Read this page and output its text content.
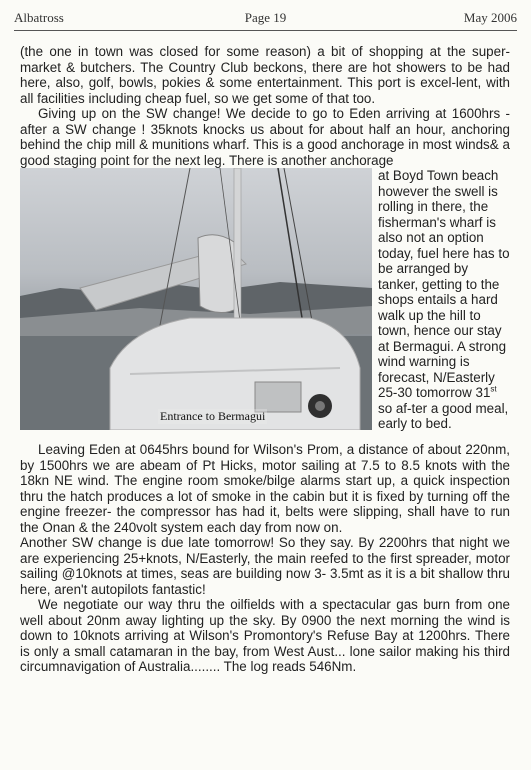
Albatross	Page 19	May 2006

(the one in town was closed for some reason) a bit of shopping at the super-market & butchers. The Country Club beckons, there are hot showers to be had here, also, golf, bowls, pokies & some entertainment. This port is excel-lent, with all facilities including cheap fuel, so we get some of that too.

Giving up on the SW change! We decide to go to Eden arriving at 1600hrs - after a SW change ! 35knots knocks us about for about half an hour, anchoring behind the chip mill & munitions wharf. This is a good anchorage in most winds& a good staging point for the next leg. There is another anchorage

Entrance to Bermagui

at Boyd Town beach however the swell is rolling in there, the fisherman's wharf is also not an option today, fuel here has to be arranged by tanker, getting to the shops entails a hard walk up the hill to town, hence our stay at Bermagui. A strong wind warning is forecast, N/Easterly 25-30 tomorrow 31st so af-ter a good meal, early to bed.

Leaving Eden at 0645hrs bound for Wilson's Prom, a distance of about 220nm, by 1500hrs we are abeam of Pt Hicks, motor sailing at 7.5 to 8.5 knots with the 18kn NE wind. The engine room smoke/bilge alarms start up, a quick inspection thru the hatch produces a lot of smoke in the cabin but it is fixed by turning off the engine freezer- the compressor has had it, belts were slipping, shall have to run the Onan & the 240volt system each day from now on.

Another SW change is due late tomorrow! So they say. By 2200hrs that night we are experiencing 25+knots, N/Easterly, the main reefed to the first spreader, motor sailing @10knots at times, seas are building now 3- 3.5mt as it is a bit shallow thru here, aren't autopilots fantastic!

We negotiate our way thru the oilfields with a spectacular gas burn from one well about 20nm away lighting up the sky. By 0900 the next morning the wind is down to 10knots arriving at Wilson's Promontory's Refuse Bay at 1200hrs. There is only a small catamaran in the bay, from West Aust... lone sailor making his third circumnavigation of Australia........ The log reads 546Nm.
